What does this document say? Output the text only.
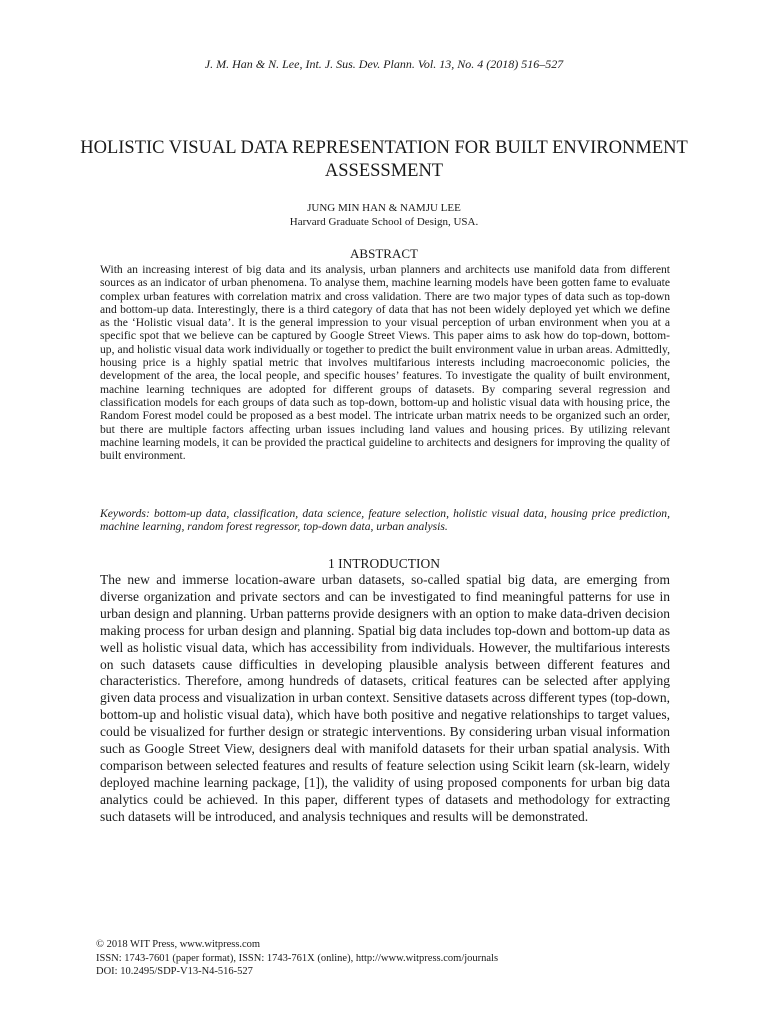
J. M. Han & N. Lee, Int. J. Sus. Dev. Plann. Vol. 13, No. 4 (2018) 516–527
HOLISTIC VISUAL DATA REPRESENTATION FOR BUILT ENVIRONMENT ASSESSMENT
JUNG MIN HAN & NAMJU LEE
Harvard Graduate School of Design, USA.
ABSTRACT

With an increasing interest of big data and its analysis, urban planners and architects use manifold data from different sources as an indicator of urban phenomena. To analyse them, machine learning models have been gotten fame to evaluate complex urban features with correlation matrix and cross validation. There are two major types of data such as top-down and bottom-up data. Interestingly, there is a third category of data that has not been widely deployed yet which we define as the ‘Holistic visual data’. It is the general impression to your visual perception of urban environment when you at a specific spot that we believe can be captured by Google Street Views. This paper aims to ask how do top-down, bottom-up, and holistic visual data work individually or together to predict the built environment value in urban areas. Admittedly, housing price is a highly spatial metric that involves multifarious interests including macroeconomic policies, the development of the area, the local people, and specific houses’ features. To investigate the quality of built environment, machine learning techniques are adopted for different groups of datasets. By comparing several regression and classification models for each groups of data such as top-down, bottom-up and holistic visual data with housing price, the Random Forest model could be proposed as a best model. The intricate urban matrix needs to be organized such an order, but there are multiple factors affecting urban issues including land values and housing prices. By utilizing relevant machine learning models, it can be provided the practical guideline to architects and designers for improving the quality of built environment.

Keywords: bottom-up data, classification, data science, feature selection, holistic visual data, housing price prediction, machine learning, random forest regressor, top-down data, urban analysis.

1 INTRODUCTION

The new and immerse location-aware urban datasets, so-called spatial big data, are emerging from diverse organization and private sectors and can be investigated to find meaningful patterns for use in urban design and planning. Urban patterns provide designers with an option to make data-driven decision making process for urban design and planning. Spatial big data includes top-down and bottom-up data as well as holistic visual data, which has accessibility from individuals. However, the multifarious interests on such datasets cause difficulties in developing plausible analysis between different features and characteristics. Therefore, among hundreds of datasets, critical features can be selected after applying given data process and visualization in urban context. Sensitive datasets across different types (top-down, bottom-up and holistic visual data), which have both positive and negative relationships to target values, could be visualized for further design or strategic interventions. By considering urban visual information such as Google Street View, designers deal with manifold datasets for their urban spatial analysis. With comparison between selected features and results of feature selection using Scikit learn (sk-learn, widely deployed machine learning package, [1]), the validity of using proposed components for urban big data analytics could be achieved. In this paper, different types of datasets and methodology for extracting such datasets will be introduced, and analysis techniques and results will be demonstrated.

© 2018 WIT Press, www.witpress.com
ISSN: 1743-7601 (paper format), ISSN: 1743-761X (online), http://www.witpress.com/journals
DOI: 10.2495/SDP-V13-N4-516-527
